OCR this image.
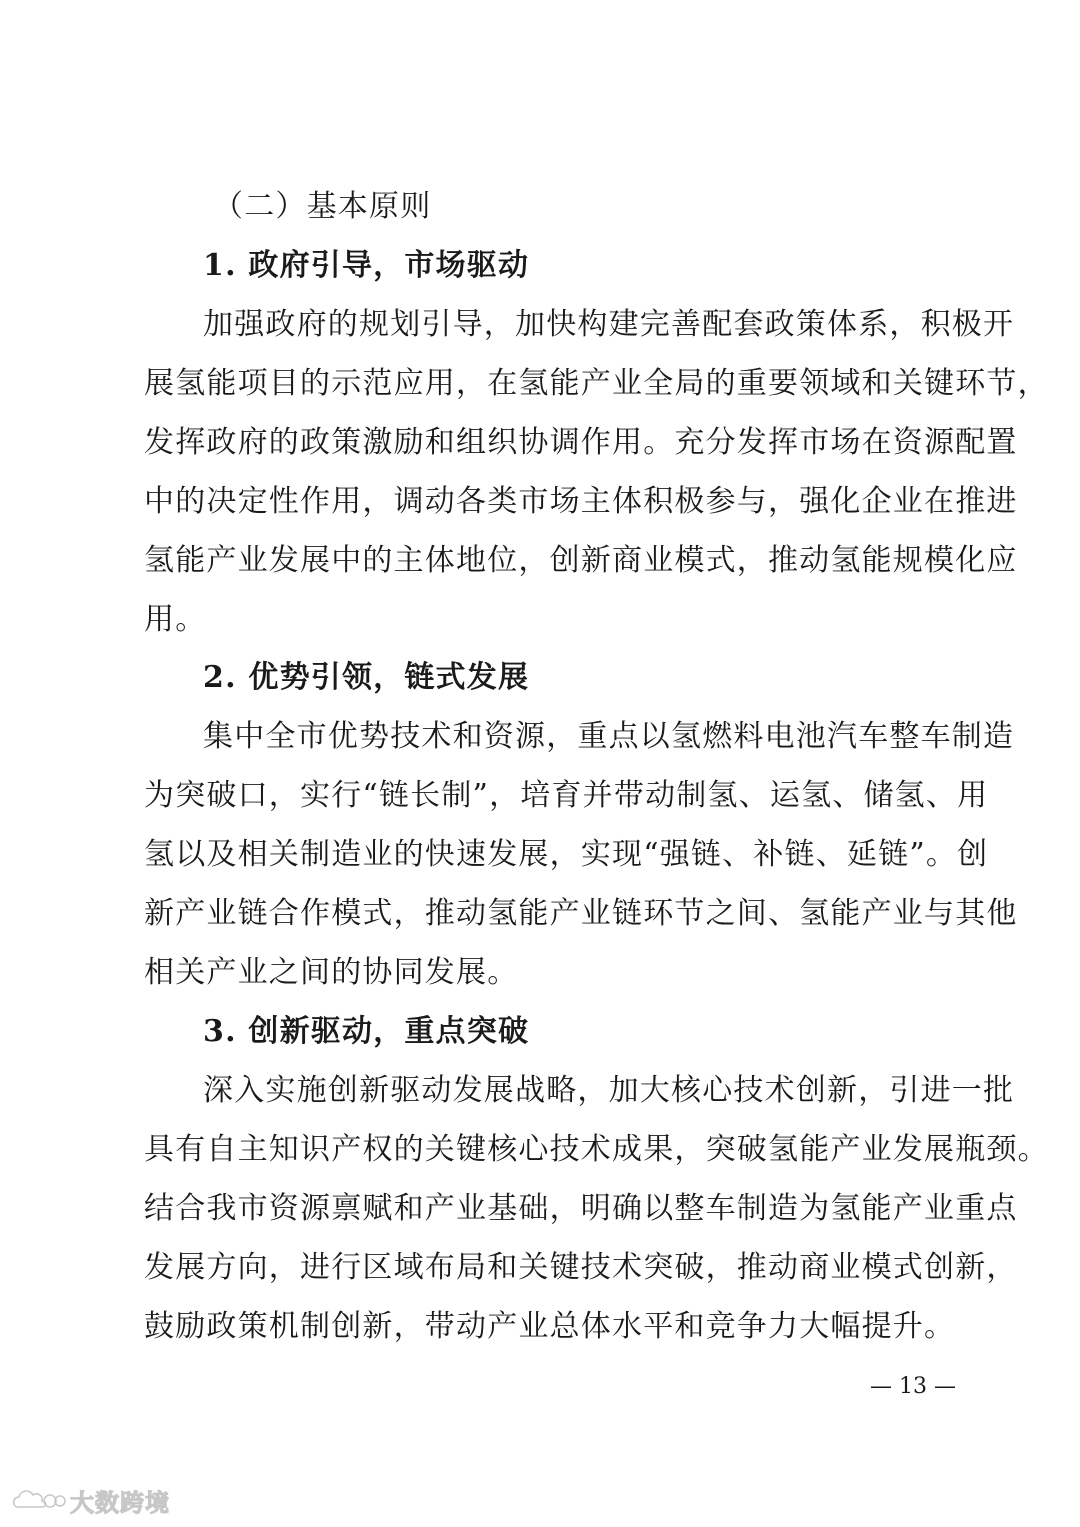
（二）基本原则
1. 政府引导，市场驱动
加强政府的规划引导，加快构建完善配套政策体系，积极开
展氢能项目的示范应用，在氢能产业全局的重要领域和关键环节，
发挥政府的政策激励和组织协调作用。充分发挥市场在资源配置
中的决定性作用，调动各类市场主体积极参与，强化企业在推进
氢能产业发展中的主体地位，创新商业模式，推动氢能规模化应
用。
2. 优势引领，链式发展
集中全市优势技术和资源，重点以氢燃料电池汽车整车制造
为突破口，实行“链长制”，培育并带动制氢、运氢、储氢、用
氢以及相关制造业的快速发展，实现“强链、补链、延链”。创
新产业链合作模式，推动氢能产业链环节之间、氢能产业与其他
相关产业之间的协同发展。
3. 创新驱动，重点突破
深入实施创新驱动发展战略，加大核心技术创新，引进一批
具有自主知识产权的关键核心技术成果，突破氢能产业发展瓶颈。
结合我市资源禀赋和产业基础，明确以整车制造为氢能产业重点
发展方向，进行区域布局和关键技术突破，推动商业模式创新，
鼓励政策机制创新，带动产业总体水平和竞争力大幅提升。
— 13 —
大数跨境
